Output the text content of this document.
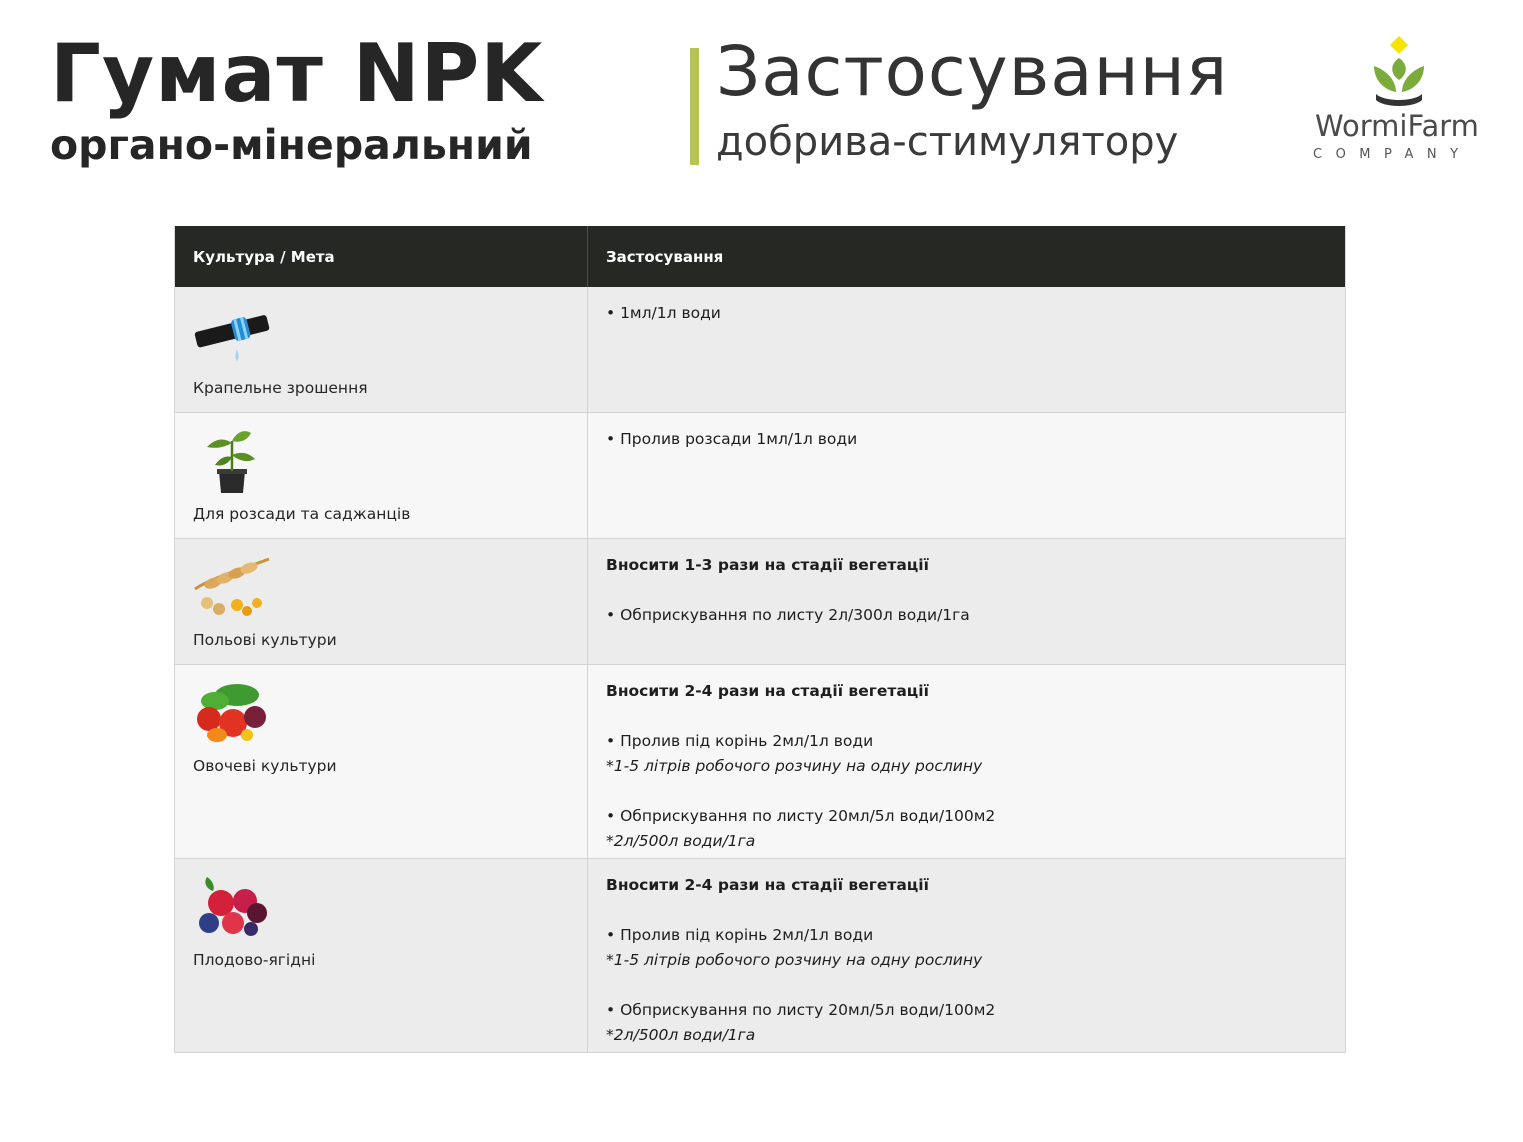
Гумат NPK
органо-мінеральний
Застосування
добрива-стимулятору	WormiFarm
COMPANY
Культура / Мета	Застосування
Крапельне зрошення
• 1мл/1л води
Для розсади та саджанців
• Пролив розсади 1мл/1л води
Польові культури
Вносити 1-3 рази на стадії вегетації
• Обприскування по листу 2л/300л води/1га
Овочеві культури
Вносити 2-4 рази на стадії вегетації
• Пролив під корінь 2мл/1л води
*1-5 літрів робочого розчину на одну рослину
• Обприскування по листу 20мл/5л води/100м2
*2л/500л води/1га
Плодово-ягідні
Вносити 2-4 рази на стадії вегетації
• Пролив під корінь 2мл/1л води
*1-5 літрів робочого розчину на одну рослину
• Обприскування по листу 20мл/5л води/100м2
*2л/500л води/1га
